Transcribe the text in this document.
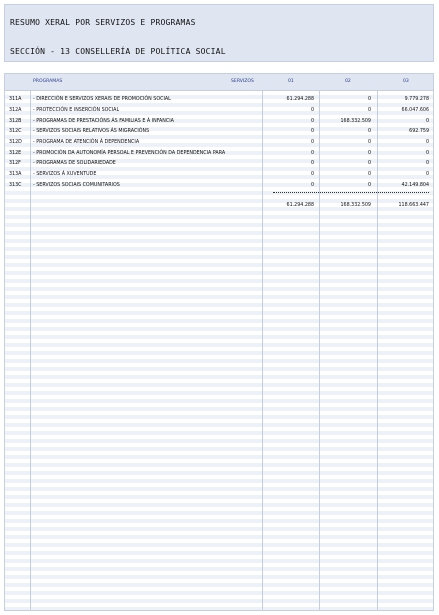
RESUMO XERAL POR SERVIZOS E PROGRAMAS
SECCIÓN - 13 CONSELLERÍA DE POLÍTICA SOCIAL
PROGRAMAS	SERVIZOS	01	02	03
311A - DIRECCIÓN E SERVIZOS XERAIS DE PROMOCIÓN SOCIAL	61.294.288	0	9.779.278
312A - PROTECCIÓN E INSERCIÓN SOCIAL	0	0	66.047.606
312B - PROGRAMAS DE PRESTACIÓNS ÁS FAMILIAS E Á INFANCIA	0	168.332.509	0
312C - SERVIZOS SOCIAIS RELATIVOS ÁS MIGRACIÓNS	0	0	692.759
312D - PROGRAMA DE ATENCIÓN Á DEPENDENCIA	0	0	0
312E - PROMOCIÓN DA AUTONOMÍA PERSOAL E PREVENCIÓN DA DEPENDENCIA PARA	0	0	0
312F	- PROGRAMAS DE SOLIDARIEDADE	0	0	0
313A - SERVIZOS Á XUVENTUDE	0	0	0
313C - SERVIZOS SOCIAIS COMUNITARIOS	0	0	42.149.804
61.294.288	168.332.509	118.663.447
